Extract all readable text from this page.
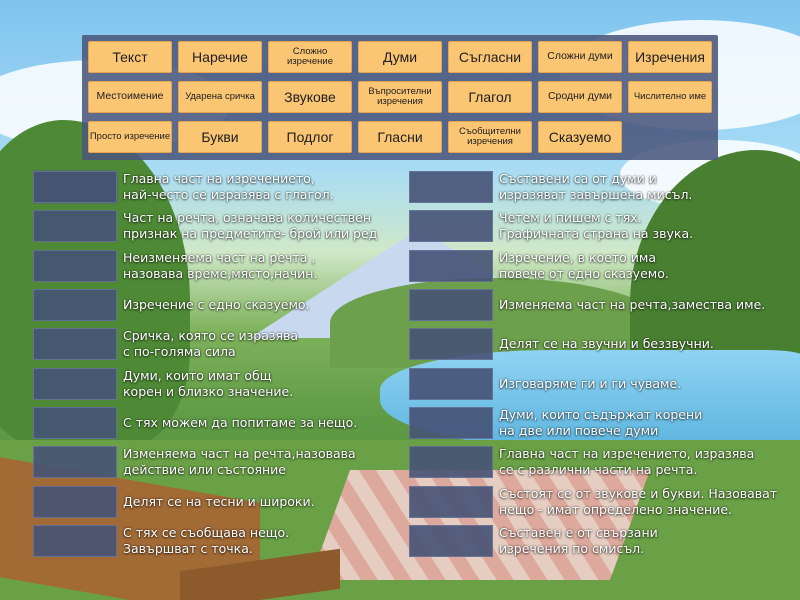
Текст	Наречие	Сложно изречение	Думи	Съгласни	Сложни думи	Изречения
Местоимение	Ударена сричка	Звукове	Въпросителни изречения	Глагол	Сродни думи	Числително име
Просто изречение	Букви	Подлог	Гласни	Съобщителни изречения	Сказуемо
Главна част на изречението,
най-често се изразява с глагол.
Част на речта, означава количествен
признак на предметите- брой или ред
Неизменяема част на речта ,
назовава време,място,начин.
Изречение с едно сказуемо.
Сричка, която се изразява
с по-голяма сила
Думи, които имат общ
корен и близко значение.
С тях можем да попитаме за нещо.
Изменяема част на речта,назовава
действие или състояние
Делят се на тесни и широки.
С тях се съобщава нещо.
Завършват с точка.
Съставени са от думи и
изразяват завършена мисъл.
Четем и пишем с тях.
Графичната страна на звука.
Изречение, в което има
повече от едно сказуемо.
Изменяема част на речта,замества име.
Делят се на звучни и беззвучни.
Изговаряме ги и ги чуваме.
Думи, които съдържат корени
на две или повече думи
Главна част на изречението, изразява
се с различни части на речта.
Състоят се от звукове и букви. Назовават
нещо - имат определено значение.
Съставен е от свързани
изречения по смисъл.
